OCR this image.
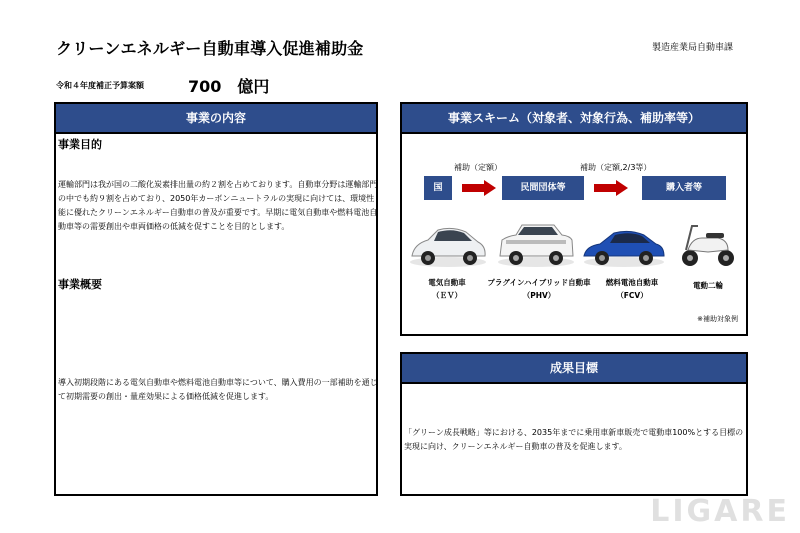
クリーンエネルギー自動車導入促進補助金	製造産業局自動車課
令和４年度補正予算案額	700 億円
事業の内容
事業目的
運輸部門は我が国の二酸化炭素排出量の約２割を占めております。自動車分野は運輸部門の中でも約９割を占めており、2050年カーボンニュートラルの実現に向けては、環境性能に優れたクリーンエネルギー自動車の普及が重要です。早期に電気自動車や燃料電池自動車等の需要創出や車両価格の低減を促すことを目的とします。
事業概要
導入初期段階にある電気自動車や燃料電池自動車等について、購入費用の一部補助を通じて初期需要の創出・量産効果による価格低減を促進します。
事業スキーム（対象者、対象行為、補助率等）
補助（定額）	補助（定額,2/3等）
国	民間団体等	購入者等
電気自動車
（ＥＶ）
プラグインハイブリッド自動車
（PHV）
燃料電池自動車
（FCV）
電動二輪
※補助対象例
成果目標
「グリーン成長戦略」等における、2035年までに乗用車新車販売で電動車100%とする目標の実現に向け、クリーンエネルギー自動車の普及を促進します。
LIGARE
